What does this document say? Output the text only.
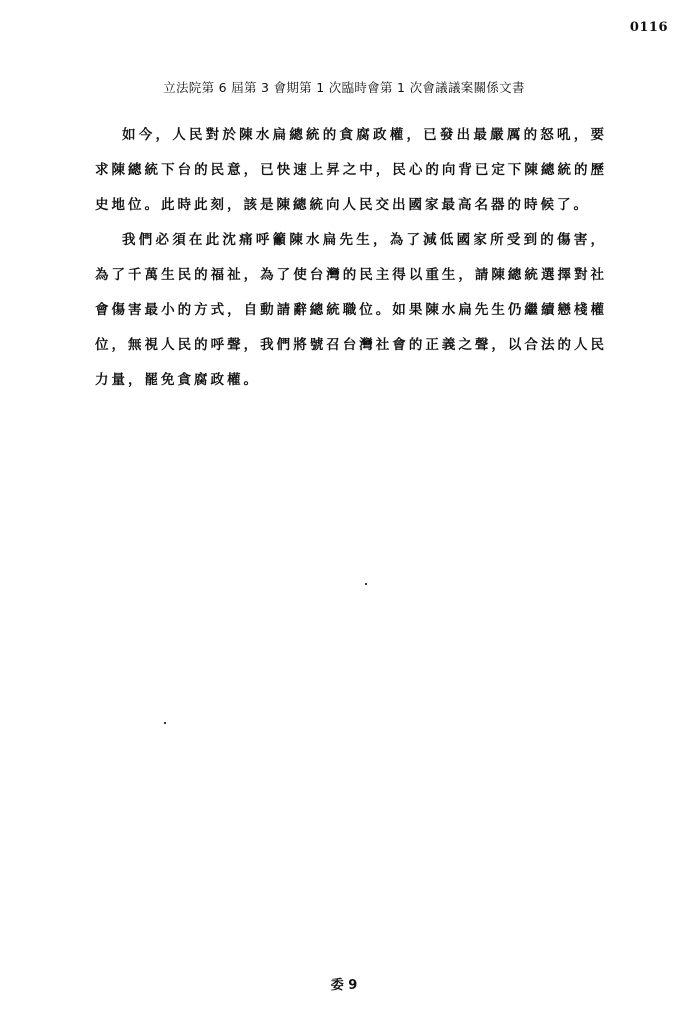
0116
立法院第 6 屆第 3 會期第 1 次臨時會第 1 次會議議案關係文書

如今，人民對於陳水扁總統的貪腐政權，已發出最嚴厲的怒吼，要求陳總統下台的民意，已快速上昇之中，民心的向背已定下陳總統的歷史地位。此時此刻，該是陳總統向人民交出國家最高名器的時候了。

我們必須在此沈痛呼籲陳水扁先生，為了減低國家所受到的傷害，為了千萬生民的福祉，為了使台灣的民主得以重生，請陳總統選擇對社會傷害最小的方式，自動請辭總統職位。如果陳水扁先生仍繼續戀棧權位，無視人民的呼聲，我們將號召台灣社會的正義之聲，以合法的人民力量，罷免貪腐政權。

委 9
